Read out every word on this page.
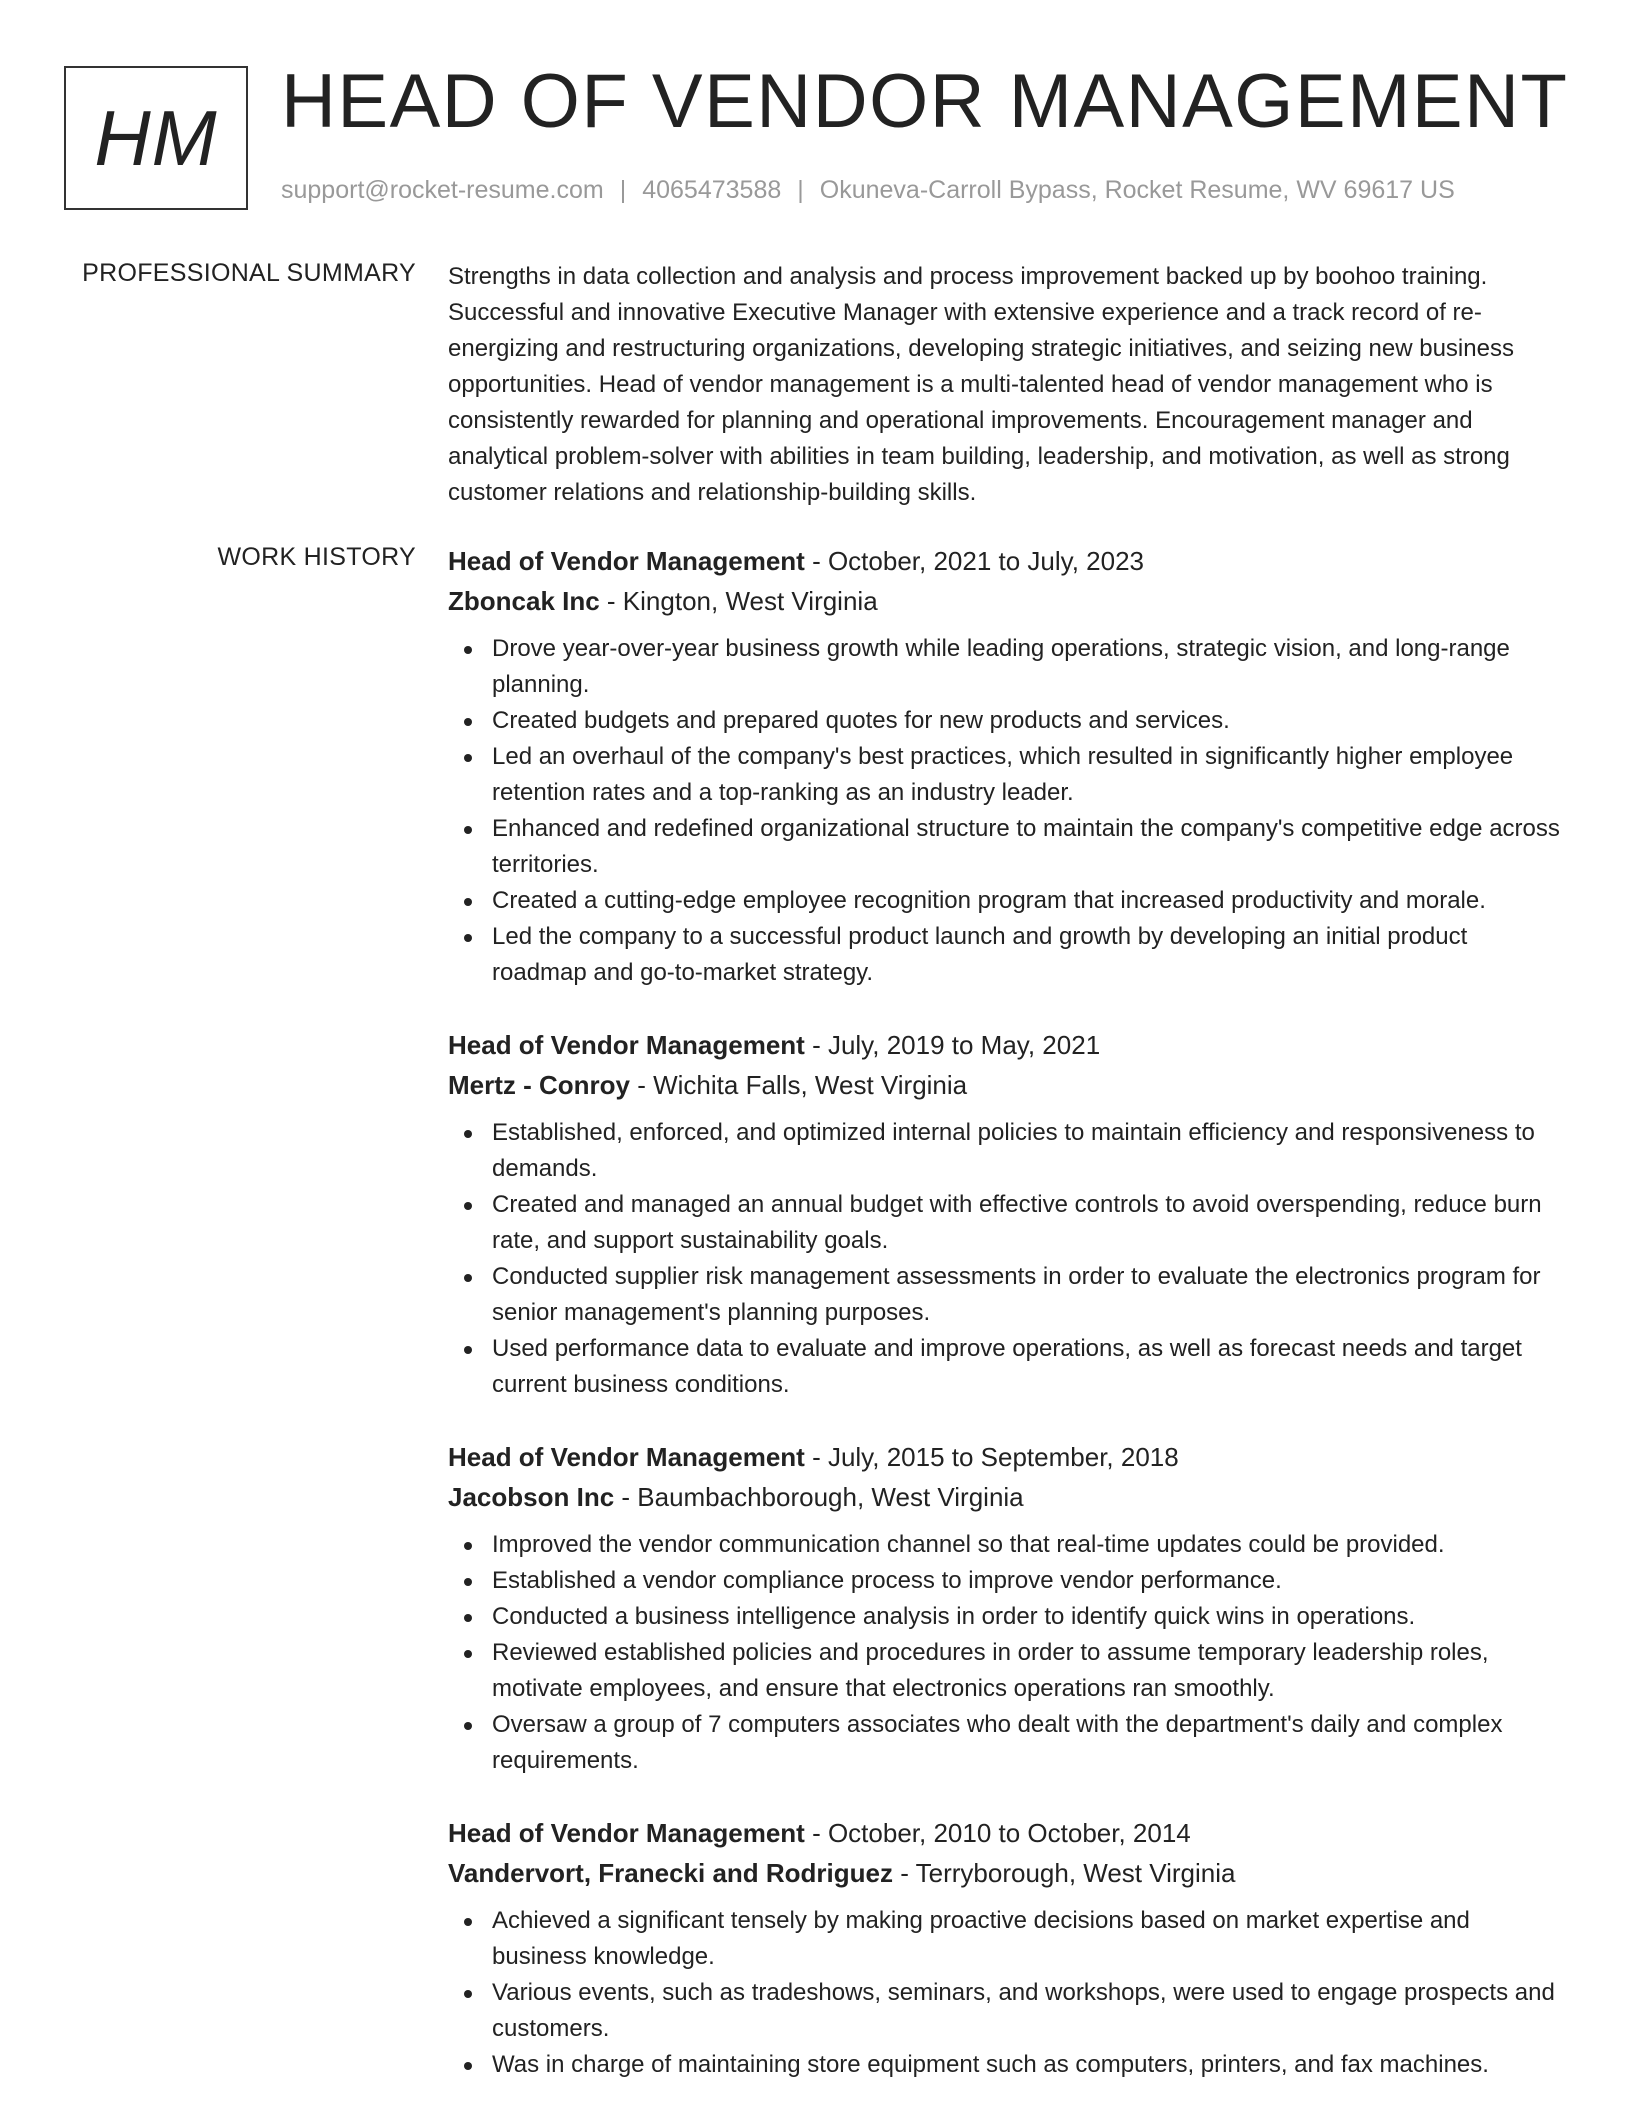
HM HEAD OF VENDOR MANAGEMENT
support@rocket-resume.com | 4065473588 | Okuneva-Carroll Bypass, Rocket Resume, WV 69617 US
PROFESSIONAL SUMMARY Strengths in data collection and analysis and process improvement backed up by boohoo training. Successful and innovative Executive Manager with extensive experience and a track record of re-energizing and restructuring organizations, developing strategic initiatives, and seizing new business opportunities. Head of vendor management is a multi-talented head of vendor management who is consistently rewarded for planning and operational improvements. Encouragement manager and analytical problem-solver with abilities in team building, leadership, and motivation, as well as strong customer relations and relationship-building skills.

WORK HISTORY Head of Vendor Management - October, 2021 to July, 2023
Zboncak Inc - Kington, West Virginia
Drove year-over-year business growth while leading operations, strategic vision, and long-range planning.
Created budgets and prepared quotes for new products and services.
Led an overhaul of the company's best practices, which resulted in significantly higher employee retention rates and a top-ranking as an industry leader.
Enhanced and redefined organizational structure to maintain the company's competitive edge across territories.
Created a cutting-edge employee recognition program that increased productivity and morale.
Led the company to a successful product launch and growth by developing an initial product roadmap and go-to-market strategy.
Head of Vendor Management - July, 2019 to May, 2021
Mertz - Conroy - Wichita Falls, West Virginia
Established, enforced, and optimized internal policies to maintain efficiency and responsiveness to demands.
Created and managed an annual budget with effective controls to avoid overspending, reduce burn rate, and support sustainability goals.
Conducted supplier risk management assessments in order to evaluate the electronics program for senior management's planning purposes.
Used performance data to evaluate and improve operations, as well as forecast needs and target current business conditions.
Head of Vendor Management - July, 2015 to September, 2018
Jacobson Inc - Baumbachborough, West Virginia
Improved the vendor communication channel so that real-time updates could be provided.
Established a vendor compliance process to improve vendor performance.
Conducted a business intelligence analysis in order to identify quick wins in operations.
Reviewed established policies and procedures in order to assume temporary leadership roles, motivate employees, and ensure that electronics operations ran smoothly.
Oversaw a group of 7 computers associates who dealt with the department's daily and complex requirements.
Head of Vendor Management - October, 2010 to October, 2014
Vandervort, Franecki and Rodriguez - Terryborough, West Virginia
Achieved a significant tensely by making proactive decisions based on market expertise and business knowledge.
Various events, such as tradeshows, seminars, and workshops, were used to engage prospects and customers.
Was in charge of maintaining store equipment such as computers, printers, and fax machines.
